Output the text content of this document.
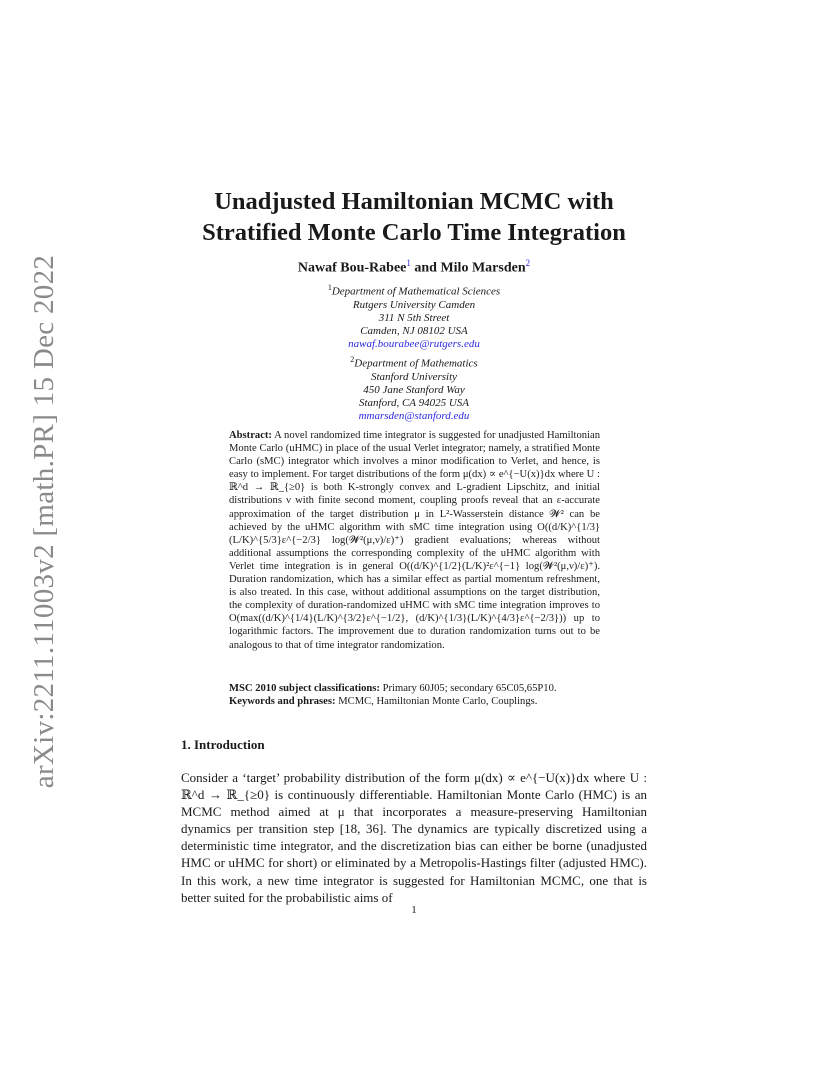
arXiv:2211.11003v2 [math.PR] 15 Dec 2022
Unadjusted Hamiltonian MCMC with
Stratified Monte Carlo Time Integration
Nawaf Bou-Rabee$^1$ and Milo Marsden$^2$
$^1$Department of Mathematical Sciences
Rutgers University Camden
311 N 5th Street
Camden, NJ 08102 USA
nawaf.bourabee@rutgers.edu
$^2$Department of Mathematics
Stanford University
450 Jane Stanford Way
Stanford, CA 94025 USA
mmarsden@stanford.edu
Abstract: A novel randomized time integrator is suggested for unadjusted Hamiltonian Monte Carlo (uHMC) in place of the usual Verlet integrator; namely, a stratified Monte Carlo (sMC) integrator which involves a minor modification to Verlet, and hence, is easy to implement. For target distributions of the form μ(dx) ∝ e^{−U(x)}dx where U : ℝ^d → ℝ_{≥0} is both K-strongly convex and L-gradient Lipschitz, and initial distributions ν with finite second moment, coupling proofs reveal that an ε-accurate approximation of the target distribution μ in L²-Wasserstein distance 𝓦² can be achieved by the uHMC algorithm with sMC time integration using O((d/K)^{1/3}(L/K)^{5/3}ε^{−2/3} log(𝓦²(μ,ν)/ε)⁺) gradient evaluations; whereas without additional assumptions the corresponding complexity of the uHMC algorithm with Verlet time integration is in general O((d/K)^{1/2}(L/K)²ε^{−1} log(𝓦²(μ,ν)/ε)⁺). Duration randomization, which has a similar effect as partial momentum refreshment, is also treated. In this case, without additional assumptions on the target distribution, the complexity of duration-randomized uHMC with sMC time integration improves to O(max((d/K)^{1/4}(L/K)^{3/2}ε^{−1/2}, (d/K)^{1/3}(L/K)^{4/3}ε^{−2/3})) up to logarithmic factors. The improvement due to duration randomization turns out to be analogous to that of time integrator randomization.
MSC 2010 subject classifications: Primary 60J05; secondary 65C05,65P10.
Keywords and phrases: MCMC, Hamiltonian Monte Carlo, Couplings.
1. Introduction
Consider a ‘target’ probability distribution of the form μ(dx) ∝ e^{−U(x)}dx where U : ℝ^d → ℝ_{≥0} is continuously differentiable. Hamiltonian Monte Carlo (HMC) is an MCMC method aimed at μ that incorporates a measure-preserving Hamiltonian dynamics per transition step [18, 36]. The dynamics are typically discretized using a deterministic time integrator, and the discretization bias can either be borne (unadjusted HMC or uHMC for short) or eliminated by a Metropolis-Hastings filter (adjusted HMC). In this work, a new time integrator is suggested for Hamiltonian MCMC, one that is better suited for the probabilistic aims of
1
